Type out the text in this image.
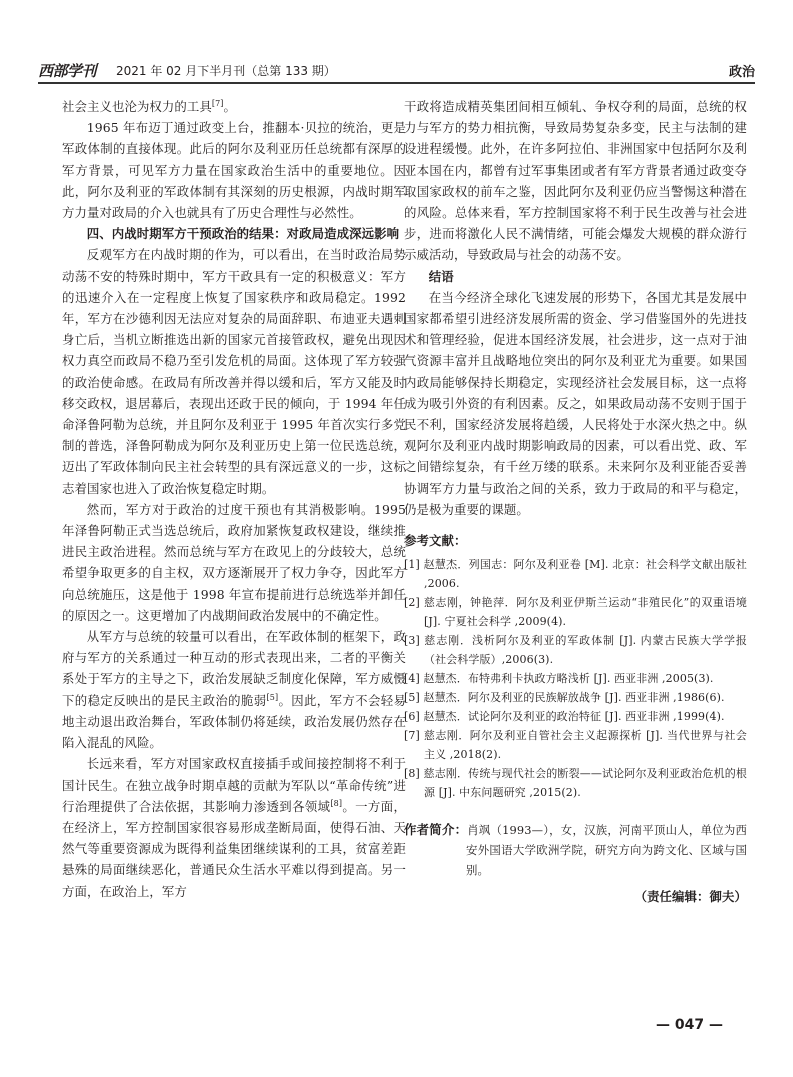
西部学刊 2021 年 02 月下半月刊（总第 133 期）	政治

社会主义也沦为权力的工具[7]。

1965 年布迈丁通过政变上台，推翻本·贝拉的统治，更是军政体制的直接体现。此后的阿尔及利亚历任总统都有深厚的军方背景，可见军方力量在国家政治生活中的重要地位。因此，阿尔及利亚的军政体制有其深刻的历史根源，内战时期军方力量对政局的介入也就具有了历史合理性与必然性。

四、内战时期军方干预政治的结果：对政局造成深远影响

反观军方在内战时期的作为，可以看出，在当时政治局势动荡不安的特殊时期中，军方干政具有一定的积极意义：军方的迅速介入在一定程度上恢复了国家秩序和政局稳定。1992 年，军方在沙德利因无法应对复杂的局面辞职、布迪亚夫遇刺身亡后，当机立断推选出新的国家元首接管政权，避免出现因权力真空而政局不稳乃至引发危机的局面。这体现了军方较强的政治使命感。在政局有所改善并得以缓和后，军方又能及时移交政权，退居幕后，表现出还政于民的倾向，于 1994 年任命泽鲁阿勒为总统，并且阿尔及利亚于 1995 年首次实行多党制的普选，泽鲁阿勒成为阿尔及利亚历史上第一位民选总统，迈出了军政体制向民主社会转型的具有深远意义的一步，这标志着国家也进入了政治恢复稳定时期。

然而，军方对于政治的过度干预也有其消极影响。1995 年泽鲁阿勒正式当选总统后，政府加紧恢复政权建设，继续推进民主政治进程。然而总统与军方在政见上的分歧较大，总统希望争取更多的自主权，双方逐渐展开了权力争夺，因此军方向总统施压，这是他于 1998 年宣布提前进行总统选举并卸任的原因之一。这更增加了内战期间政治发展中的不确定性。

从军方与总统的较量可以看出，在军政体制的框架下，政府与军方的关系通过一种互动的形式表现出来，二者的平衡关系处于军方的主导之下，政治发展缺乏制度化保障，军方威慑下的稳定反映出的是民主政治的脆弱[5]。因此，军方不会轻易地主动退出政治舞台，军政体制仍将延续，政治发展仍然存在陷入混乱的风险。

长远来看，军方对国家政权直接插手或间接控制将不利于国计民生。在独立战争时期卓越的贡献为军队以“革命传统”进行治理提供了合法依据，其影响力渗透到各领域[8]。一方面，在经济上，军方控制国家很容易形成垄断局面，使得石油、天然气等重要资源成为既得利益集团继续谋利的工具，贫富差距悬殊的局面继续恶化，普通民众生活水平难以得到提高。另一方面，在政治上，军方

干政将造成精英集团间相互倾轧、争权夺利的局面，总统的权力与军方的势力相抗衡，导致局势复杂多变，民主与法制的建设进程缓慢。此外，在许多阿拉伯、非洲国家中包括阿尔及利亚本国在内，都曾有过军事集团或者有军方背景者通过政变夺取国家政权的前车之鉴，因此阿尔及利亚仍应当警惕这种潜在的风险。总体来看，军方控制国家将不利于民生改善与社会进步，进而将激化人民不满情绪，可能会爆发大规模的群众游行示威活动，导致政局与社会的动荡不安。

结语

在当今经济全球化飞速发展的形势下，各国尤其是发展中国家都希望引进经济发展所需的资金、学习借鉴国外的先进技术和管理经验，促进本国经济发展，社会进步，这一点对于油气资源丰富并且战略地位突出的阿尔及利亚尤为重要。如果国内政局能够保持长期稳定，实现经济社会发展目标，这一点将成为吸引外资的有利因素。反之，如果政局动荡不安则于国于民不利，国家经济发展将趋缓，人民将处于水深火热之中。纵观阿尔及利亚内战时期影响政局的因素，可以看出党、政、军之间错综复杂，有千丝万缕的联系。未来阿尔及利亚能否妥善协调军方力量与政治之间的关系，致力于政局的和平与稳定，仍是极为重要的课题。

参考文献：
[1] 赵慧杰．列国志：阿尔及利亚卷 [M]. 北京：社会科学文献出版社 ,2006.
[2] 慈志刚，钟艳萍．阿尔及利亚伊斯兰运动“非殖民化”的双重语境 [J]. 宁夏社会科学 ,2009(4).
[3] 慈志刚．浅析阿尔及利亚的军政体制 [J]. 内蒙古民族大学学报（社会科学版）,2006(3).
[4] 赵慧杰．布特弗利卡执政方略浅析 [J]. 西亚非洲 ,2005(3).
[5] 赵慧杰．阿尔及利亚的民族解放战争 [J]. 西亚非洲 ,1986(6).
[6] 赵慧杰．试论阿尔及利亚的政治特征 [J]. 西亚非洲 ,1999(4).
[7] 慈志刚．阿尔及利亚自管社会主义起源探析 [J]. 当代世界与社会主义 ,2018(2).
[8] 慈志刚．传统与现代社会的断裂——试论阿尔及利亚政治危机的根源 [J]. 中东问题研究 ,2015(2).
作者简介：肖飒（1993—），女，汉族，河南平顶山人，单位为西安外国语大学欧洲学院，研究方向为跨文化、区域与国别。
（责任编辑：御夫）
— 047 —
